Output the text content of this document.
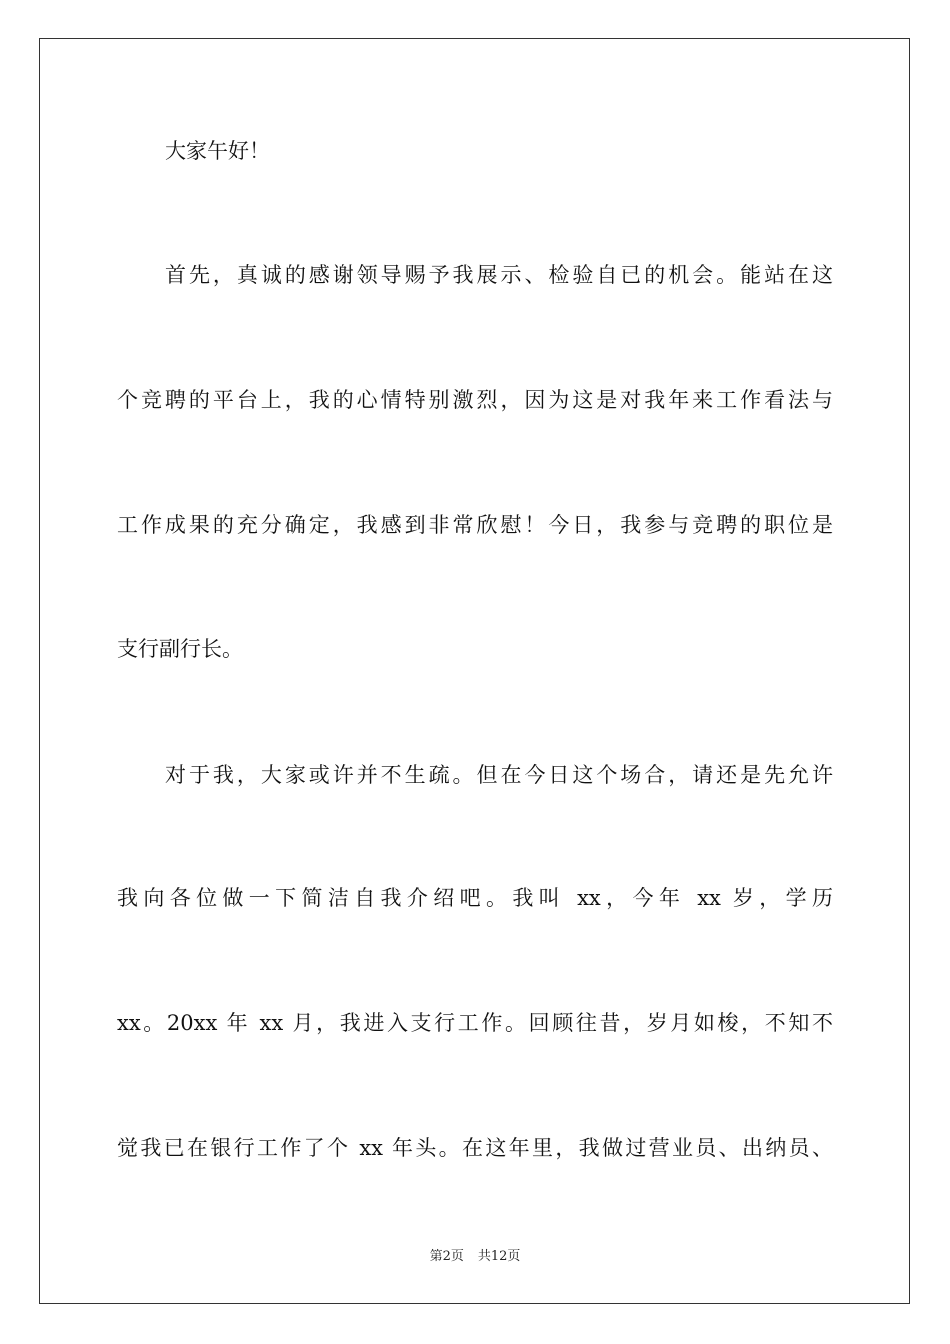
大家午好！
首先，真诚的感谢领导赐予我展示、检验自已的机会。能站在这
个竞聘的平台上，我的心情特别激烈，因为这是对我年来工作看法与
工作成果的充分确定，我感到非常欣慰！今日，我参与竞聘的职位是
支行副行长。
对于我，大家或许并不生疏。但在今日这个场合，请还是先允许
我向各位做一下简洁自我介绍吧。我叫 xx，今年 xx 岁，学历
xx。20xx 年 xx 月，我进入支行工作。回顾往昔，岁月如梭，不知不
觉我已在银行工作了个 xx 年头。在这年里，我做过营业员、出纳员、
第2页 共12页
